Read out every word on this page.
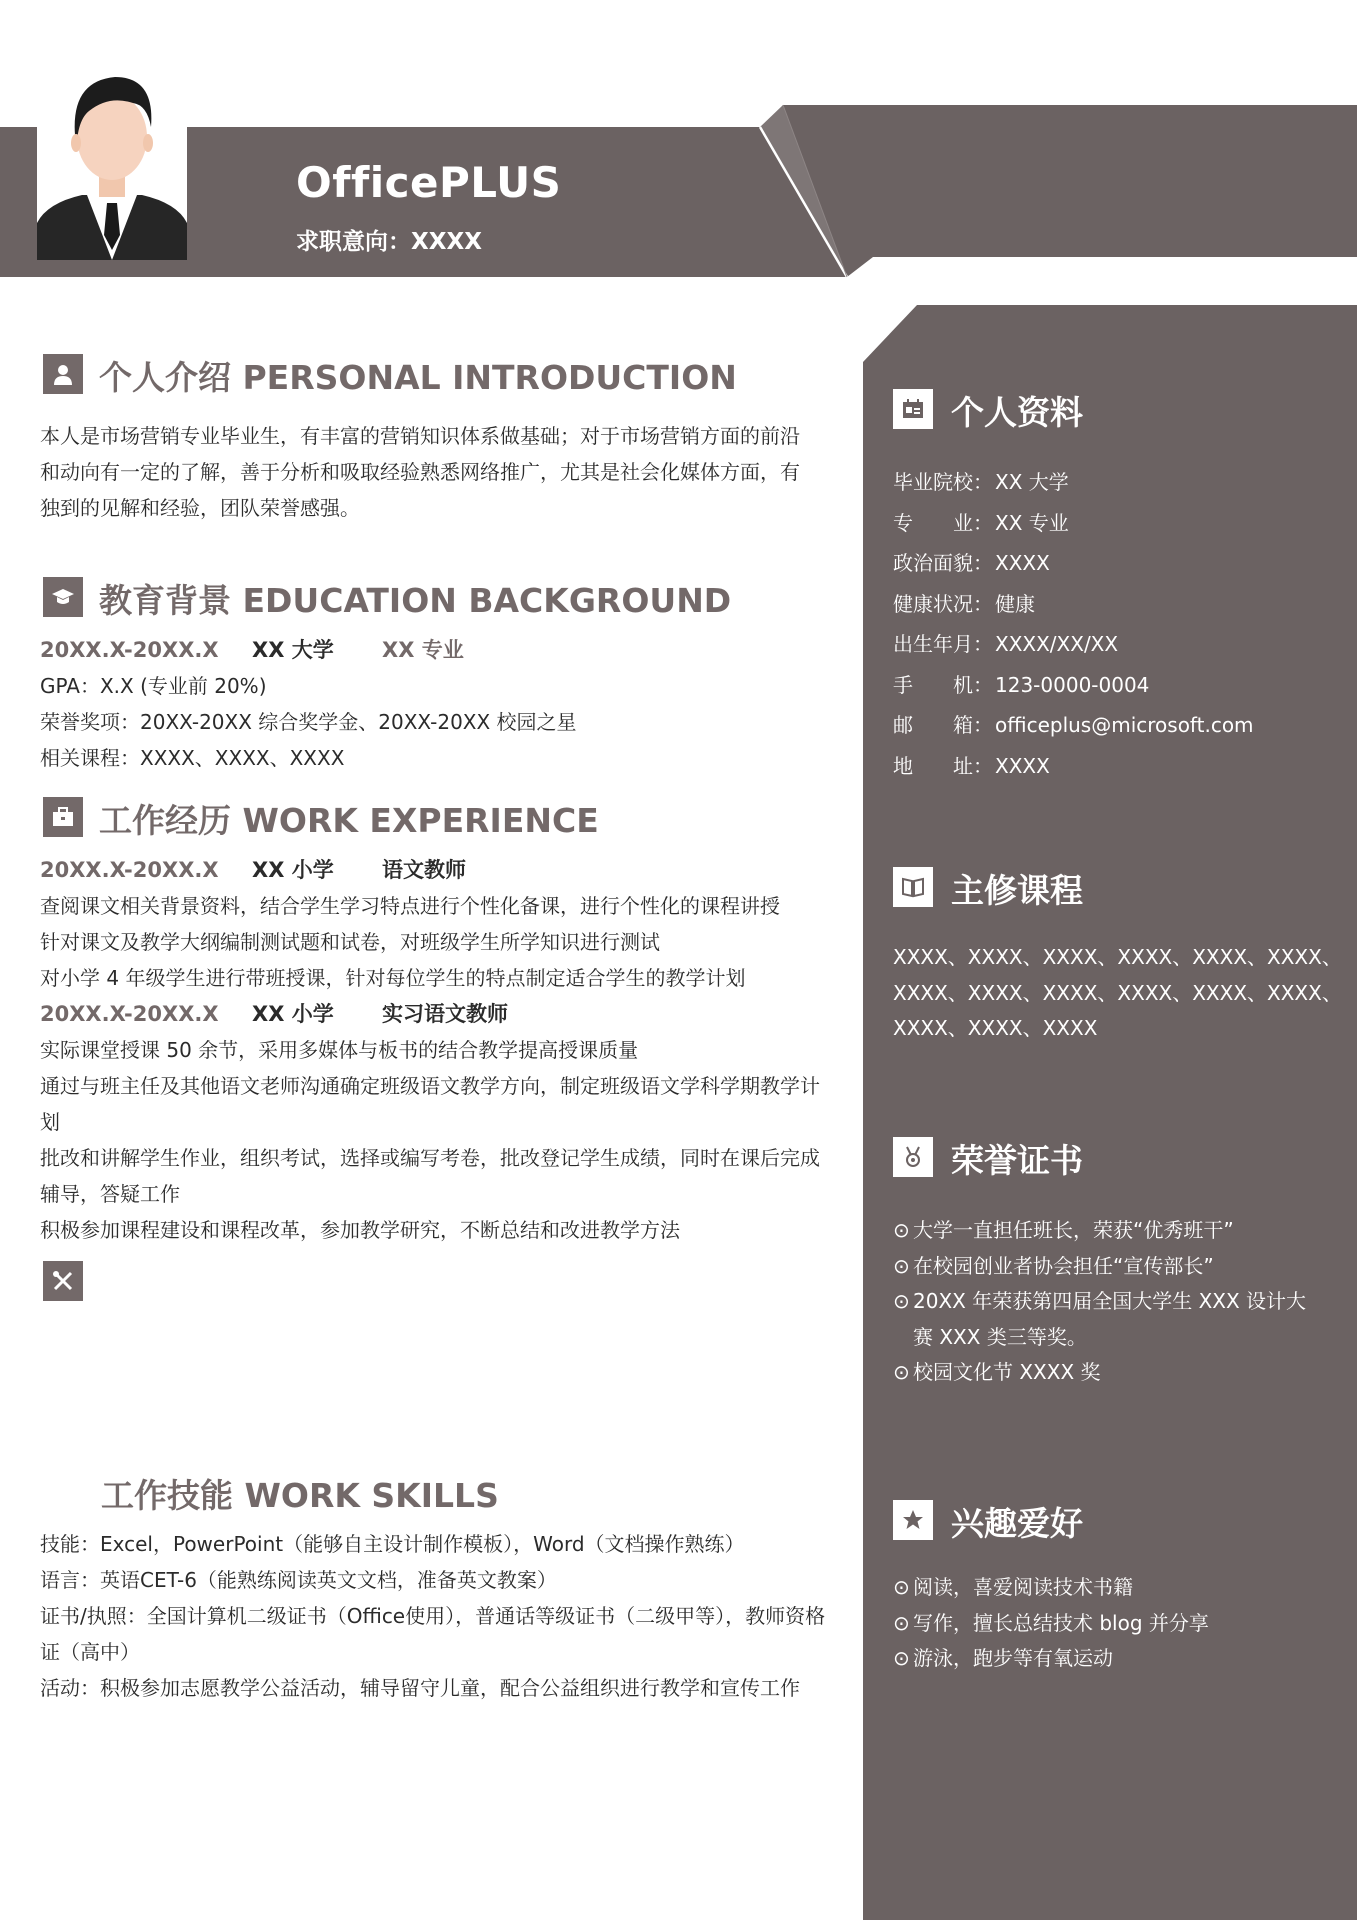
OfficePLUS
求职意向：XXXX
个人介绍 PERSONAL INTRODUCTION
本人是市场营销专业毕业生，有丰富的营销知识体系做基础；对于市场营销方面的前沿
和动向有一定的了解，善于分析和吸取经验熟悉网络推广，尤其是社会化媒体方面，有
独到的见解和经验，团队荣誉感强。
教育背景 EDUCATION BACKGROUND
20XX.X-20XX.X XX 大学 XX 专业
GPA：X.X (专业前 20%)
荣誉奖项：20XX-20XX 综合奖学金、20XX-20XX 校园之星
相关课程：XXXX、XXXX、XXXX
工作经历 WORK EXPERIENCE
20XX.X-20XX.X XX 小学 语文教师
查阅课文相关背景资料，结合学生学习特点进行个性化备课，进行个性化的课程讲授
针对课文及教学大纲编制测试题和试卷，对班级学生所学知识进行测试
对小学 4 年级学生进行带班授课，针对每位学生的特点制定适合学生的教学计划
20XX.X-20XX.X XX 小学 实习语文教师
实际课堂授课 50 余节，采用多媒体与板书的结合教学提高授课质量
通过与班主任及其他语文老师沟通确定班级语文教学方向，制定班级语文学科学期教学计划
批改和讲解学生作业，组织考试，选择或编写考卷，批改登记学生成绩，同时在课后完成辅导，答疑工作
积极参加课程建设和课程改革，参加教学研究，不断总结和改进教学方法
工作技能 WORK SKILLS
技能：Excel，PowerPoint（能够自主设计制作模板），Word（文档操作熟练）
语言：英语CET-6（能熟练阅读英文文档，准备英文教案）
证书/执照：全国计算机二级证书（Office使用），普通话等级证书（二级甲等），教师资格证（高中）
活动：积极参加志愿教学公益活动，辅导留守儿童，配合公益组织进行教学和宣传工作
个人资料
毕业院校： XX 大学
专　　业： XX 专业
政治面貌： XXXX
健康状况： 健康
出生年月： XXXX/XX/XX
手　　机： 123-0000-0004
邮　　箱： officeplus@microsoft.com
地　　址： XXXX
主修课程
XXXX、XXXX、XXXX、XXXX、XXXX、XXXX、
XXXX、XXXX、XXXX、XXXX、XXXX、XXXX、
XXXX、XXXX、XXXX
荣誉证书
⊙ 大学一直担任班长，荣获“优秀班干”
⊙ 在校园创业者协会担任“宣传部长”
⊙ 20XX 年荣获第四届全国大学生 XXX 设计大赛 XXX 类三等奖。
⊙ 校园文化节 XXXX 奖
兴趣爱好
⊙ 阅读，喜爱阅读技术书籍
⊙ 写作，擅长总结技术 blog 并分享
⊙ 游泳，跑步等有氧运动
